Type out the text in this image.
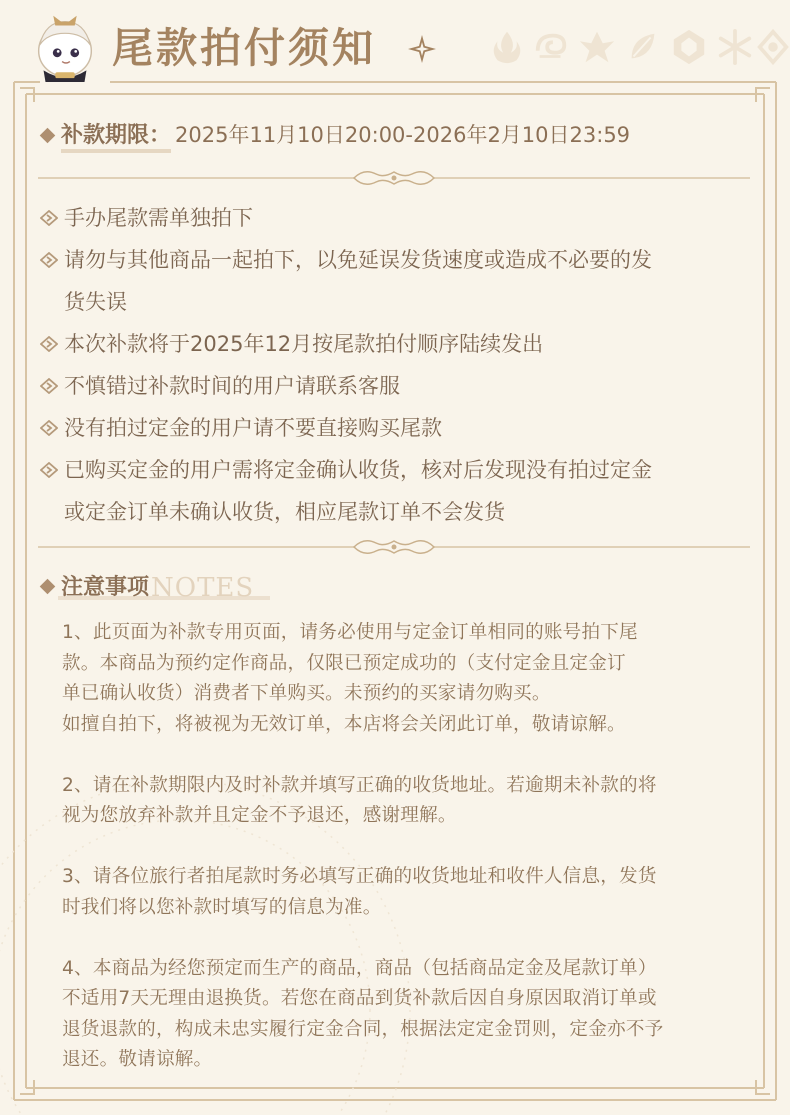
尾款拍付须知
补款期限： 2025年11月10日20:00-2026年2月10日23:59
手办尾款需单独拍下
请勿与其他商品一起拍下，以免延误发货速度或造成不必要的发
货失误
本次补款将于2025年12月按尾款拍付顺序陆续发出
不慎错过补款时间的用户请联系客服
没有拍过定金的用户请不要直接购买尾款
已购买定金的用户需将定金确认收货，核对后发现没有拍过定金
或定金订单未确认收货，相应尾款订单不会发货
注意事项NOTES
1、此页面为补款专用页面，请务必使用与定金订单相同的账号拍下尾
款。本商品为预约定作商品，仅限已预定成功的（支付定金且定金订
单已确认收货）消费者下单购买。未预约的买家请勿购买。
如擅自拍下，将被视为无效订单，本店将会关闭此订单，敬请谅解。
2、请在补款期限内及时补款并填写正确的收货地址。若逾期未补款的将
视为您放弃补款并且定金不予退还，感谢理解。
3、请各位旅行者拍尾款时务必填写正确的收货地址和收件人信息，发货
时我们将以您补款时填写的信息为准。
4、本商品为经您预定而生产的商品，商品（包括商品定金及尾款订单）
不适用7天无理由退换货。若您在商品到货补款后因自身原因取消订单或
退货退款的，构成未忠实履行定金合同，根据法定定金罚则，定金亦不予
退还。敬请谅解。
